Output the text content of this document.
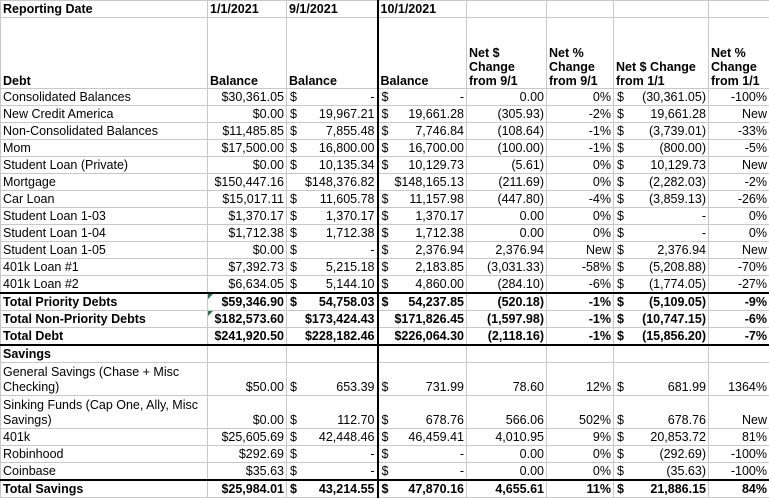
Reporting Date	1/1/2021	9/1/2021	10/1/2021				
Debt	Balance	Balance	Balance	Net $ Change from 9/1	Net % Change from 9/1	Net $ Change from 1/1	Net % Change from 1/1
Consolidated Balances	$30,361.05	$ -	$ -	0.00	0%	$ (30,361.05)	-100%
New Credit America	$0.00	$ 19,967.21	$ 19,661.28	(305.93)	-2%	$ 19,661.28	New
Non-Consolidated Balances	$11,485.85	$ 7,855.48	$ 7,746.84	(108.64)	-1%	$ (3,739.01)	-33%
Mom	$17,500.00	$ 16,800.00	$ 16,700.00	(100.00)	-1%	$ (800.00)	-5%
Student Loan (Private)	$0.00	$ 10,135.34	$ 10,129.73	(5.61)	0%	$ 10,129.73	New
Mortgage	$150,447.16	$148,376.82	$148,165.13	(211.69)	0%	$ (2,282.03)	-2%
Car Loan	$15,017.11	$ 11,605.78	$ 11,157.98	(447.80)	-4%	$ (3,859.13)	-26%
Student Loan 1-03	$1,370.17	$ 1,370.17	$ 1,370.17	0.00	0%	$ -	0%
Student Loan 1-04	$1,712.38	$ 1,712.38	$ 1,712.38	0.00	0%	$ -	0%
Student Loan 1-05	$0.00	$ -	$ 2,376.94	2,376.94	New	$ 2,376.94	New
401k Loan #1	$7,392.73	$ 5,215.18	$ 2,183.85	(3,031.33)	-58%	$ (5,208.88)	-70%
401k Loan #2	$6,634.05	$ 5,144.10	$ 4,860.00	(284.10)	-6%	$ (1,774.05)	-27%
Total Priority Debts	$59,346.90	$ 54,758.03	$ 54,237.85	(520.18)	-1%	$ (5,109.05)	-9%
Total Non-Priority Debts	$182,573.60	$173,424.43	$171,826.45	(1,597.98)	-1%	$ (10,747.15)	-6%
Total Debt	$241,920.50	$228,182.46	$226,064.30	(2,118.16)	-1%	$ (15,856.20)	-7%
Savings							
General Savings (Chase + Misc Checking)	$50.00	$ 653.39	$ 731.99	78.60	12%	$ 681.99	1364%
Sinking Funds (Cap One, Ally, Misc Savings)	$0.00	$ 112.70	$ 678.76	566.06	502%	$ 678.76	New
401k	$25,605.69	$ 42,448.46	$ 46,459.41	4,010.95	9%	$ 20,853.72	81%
Robinhood	$292.69	$ -	$ -	0.00	0%	$ (292.69)	-100%
Coinbase	$35.63	$ -	$ -	0.00	0%	$ (35.63)	-100%
Total Savings	$25,984.01	$ 43,214.55	$ 47,870.16	4,655.61	11%	$ 21,886.15	84%
